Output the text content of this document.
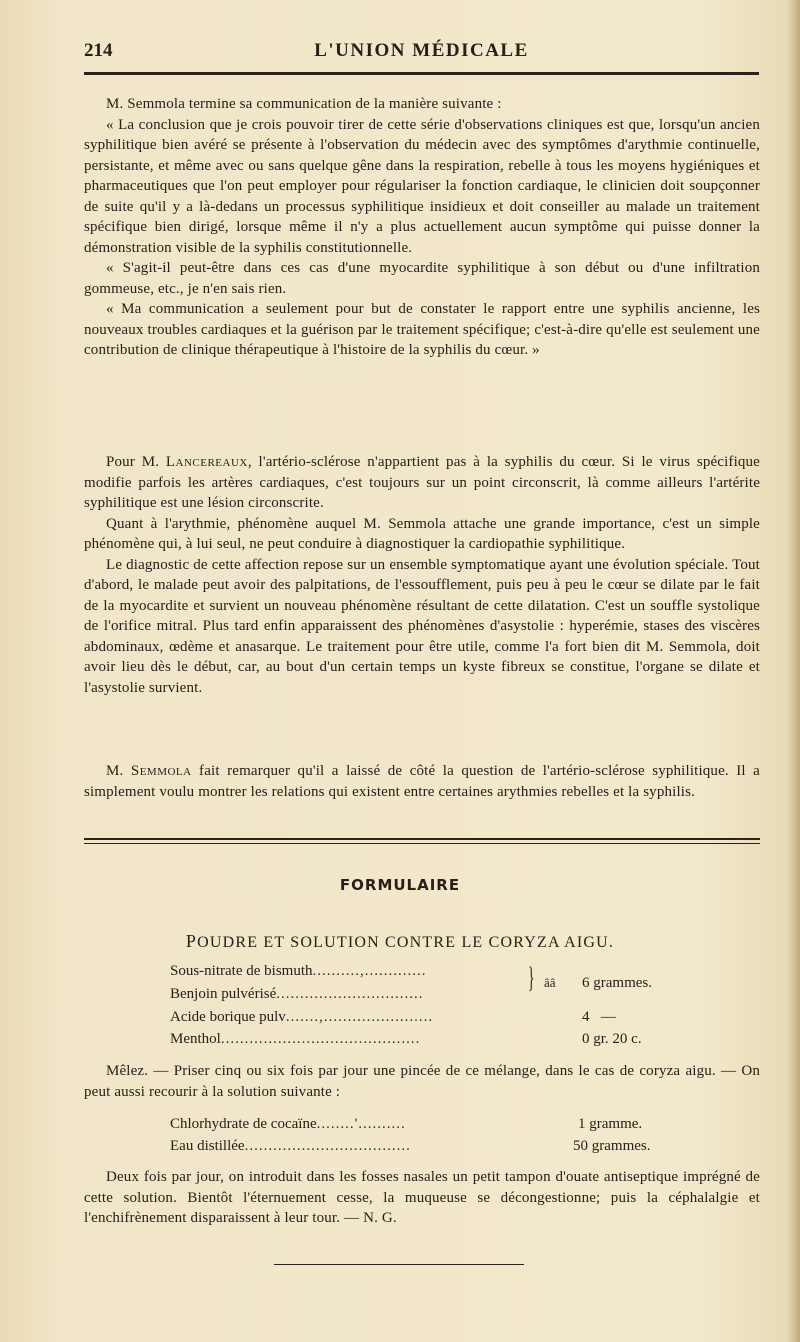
214	L'UNION MÉDICALE

M. Semmola termine sa communication de la manière suivante :

« La conclusion que je crois pouvoir tirer de cette série d'observations cliniques est que, lorsqu'un ancien syphilitique bien avéré se présente à l'observation du médecin avec des symptômes d'arythmie continuelle, persistante, et même avec ou sans quelque gêne dans la respiration, rebelle à tous les moyens hygiéniques et pharmaceutiques que l'on peut employer pour régulariser la fonction cardiaque, le clinicien doit soupçonner de suite qu'il y a là-dedans un processus syphilitique insidieux et doit conseiller au malade un traitement spécifique bien dirigé, lorsque même il n'y a plus actuellement aucun symptôme qui puisse donner la démonstration visible de la syphilis constitutionnelle.

« S'agit-il peut-être dans ces cas d'une myocardite syphilitique à son début ou d'une infiltration gommeuse, etc., je n'en sais rien.

« Ma communication a seulement pour but de constater le rapport entre une syphilis ancienne, les nouveaux troubles cardiaques et la guérison par le traitement spécifique; c'est-à-dire qu'elle est seulement une contribution de clinique thérapeutique à l'histoire de la syphilis du cœur. »

Pour M. Lancereaux, l'artério-sclérose n'appartient pas à la syphilis du cœur. Si le virus spécifique modifie parfois les artères cardiaques, c'est toujours sur un point circonscrit, là comme ailleurs l'artérite syphilitique est une lésion circonscrite.

Quant à l'arythmie, phénomène auquel M. Semmola attache une grande importance, c'est un simple phénomène qui, à lui seul, ne peut conduire à diagnostiquer la cardiopathie syphilitique.

Le diagnostic de cette affection repose sur un ensemble symptomatique ayant une évolution spéciale. Tout d'abord, le malade peut avoir des palpitations, de l'essoufflement, puis peu à peu le cœur se dilate par le fait de la myocardite et survient un nouveau phénomène résultant de cette dilatation. C'est un souffle systolique de l'orifice mitral. Plus tard enfin apparaissent des phénomènes d'asystolie : hyperémie, stases des viscères abdominaux, œdème et anasarque. Le traitement pour être utile, comme l'a fort bien dit M. Semmola, doit avoir lieu dès le début, car, au bout d'un certain temps un kyste fibreux se constitue, l'organe se dilate et l'asystolie survient.

M. Semmola fait remarquer qu'il a laissé de côté la question de l'artério-sclérose syphilitique. Il a simplement voulu montrer les relations qui existent entre certaines arythmies rebelles et la syphilis.

FORMULAIRE
POUDRE ET SOLUTION CONTRE LE CORYZA AIGU.
Sous-nitrate de bismuth..........,.............
Benjoin pulvérisé...............................	} ââ 6 grammes.
Acide borique pulv.......,.......................	4   —
Menthol..........................................	0 gr. 20 c.

Mêlez. — Priser cinq ou six fois par jour une pincée de ce mélange, dans le cas de coryza aigu. — On peut aussi recourir à la solution suivante :

Chlorhydrate de cocaïne........'..........	1 gramme.
Eau distillée...................................	50 grammes.

Deux fois par jour, on introduit dans les fosses nasales un petit tampon d'ouate antiseptique imprégné de cette solution. Bientôt l'éternuement cesse, la muqueuse se décongestionne; puis la céphalalgie et l'enchifrènement disparaissent à leur tour. — N. G.
